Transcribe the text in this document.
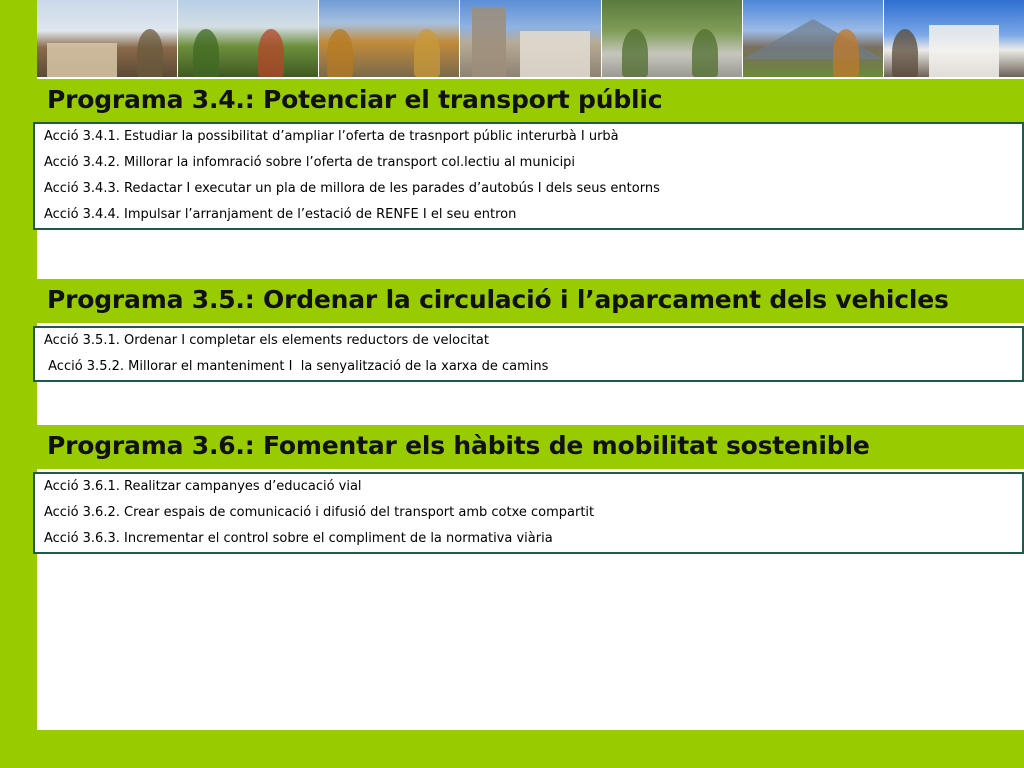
Programa 3.4.: Potenciar el transport públic
Acció 3.4.1. Estudiar la possibilitat d’ampliar l’oferta de trasnport públic interurbà I urbà
Acció 3.4.2. Millorar la infomració sobre l’oferta de transport col.lectiu al municipi
Acció 3.4.3. Redactar I executar un pla de millora de les parades d’autobús I dels seus entorns
Acció 3.4.4. Impulsar l’arranjament de l’estació de RENFE I el seu entron
Programa 3.5.: Ordenar la circulació i l’aparcament dels vehicles
Acció 3.5.1. Ordenar I completar els elements reductors de velocitat
Acció 3.5.2. Millorar el manteniment I  la senyalització de la xarxa de camins
Programa 3.6.: Fomentar els hàbits de mobilitat sostenible
Acció 3.6.1. Realitzar campanyes d’educació vial
Acció 3.6.2. Crear espais de comunicació i difusió del transport amb cotxe compartit
Acció 3.6.3. Incrementar el control sobre el compliment de la normativa viària
